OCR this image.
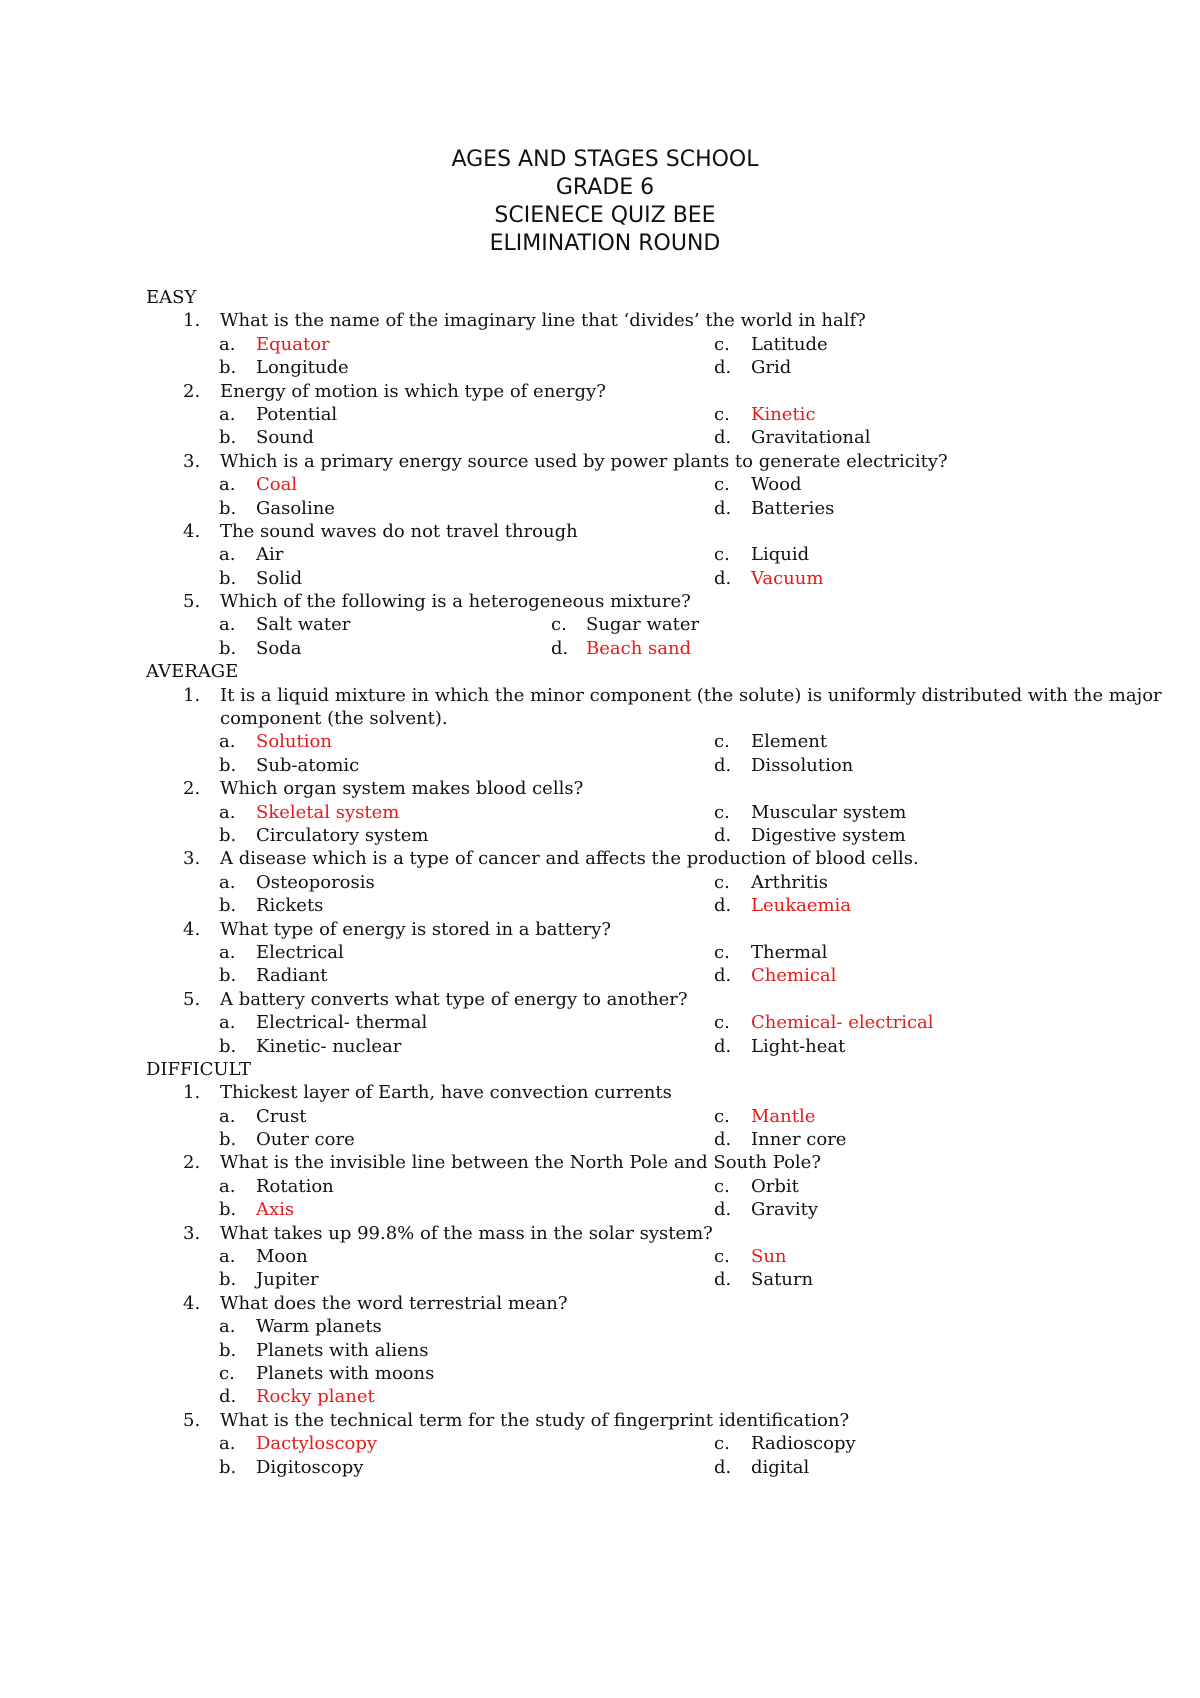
AGES AND STAGES SCHOOL
GRADE 6
SCIENECE QUIZ BEE
ELIMINATION ROUND
EASY
1. What is the name of the imaginary line that ‘divides’ the world in half?
a. Equator	c. Latitude
b. Longitude	d. Grid
2. Energy of motion is which type of energy?
a. Potential	c. Kinetic
b. Sound	d. Gravitational
3. Which is a primary energy source used by power plants to generate electricity?
a. Coal	c. Wood
b. Gasoline	d. Batteries
4. The sound waves do not travel through
a. Air	c. Liquid
b. Solid	d. Vacuum
5. Which of the following is a heterogeneous mixture?
a. Salt water	c. Sugar water
b. Soda	d. Beach sand
AVERAGE
1. It is a liquid mixture in which the minor component (the solute) is uniformly distributed with the major
component (the solvent).
a. Solution	c. Element
b. Sub-atomic	d. Dissolution
2. Which organ system makes blood cells?
a. Skeletal system	c. Muscular system
b. Circulatory system	d. Digestive system
3. A disease which is a type of cancer and affects the production of blood cells.
a. Osteoporosis	c. Arthritis
b. Rickets	d. Leukaemia
4. What type of energy is stored in a battery?
a. Electrical	c. Thermal
b. Radiant	d. Chemical
5. A battery converts what type of energy to another?
a. Electrical- thermal	c. Chemical- electrical
b. Kinetic- nuclear	d. Light-heat
DIFFICULT
1. Thickest layer of Earth, have convection currents
a. Crust	c. Mantle
b. Outer core	d. Inner core
2. What is the invisible line between the North Pole and South Pole?
a. Rotation	c. Orbit
b. Axis	d. Gravity
3. What takes up 99.8% of the mass in the solar system?
a. Moon	c. Sun
b. Jupiter	d. Saturn
4. What does the word terrestrial mean?
a. Warm planets
b. Planets with aliens
c. Planets with moons
d. Rocky planet
5. What is the technical term for the study of fingerprint identification?
a. Dactyloscopy	c. Radioscopy
b. Digitoscopy	d. digital
